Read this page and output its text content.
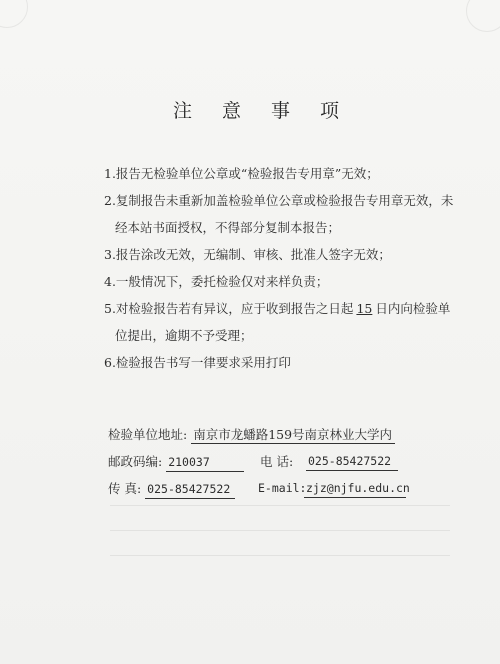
注 意 事 项
1.报告无检验单位公章或“检验报告专用章”无效；
2.复制报告未重新加盖检验单位公章或检验报告专用章无效，未
经本站书面授权，不得部分复制本报告；
3.报告涂改无效，无编制、审核、批准人签字无效；
4.一般情况下，委托检验仅对来样负责；
5.对检验报告若有异议，应于收到报告之日起 15 日内向检验单
位提出，逾期不予受理；
6.检验报告书写一律要求采用打印
检验单位地址: 南京市龙蟠路159号南京林业大学内
邮政码编: 210037	电 话: 025-85427522
传 真: 025-85427522 E-mail: zjz@njfu.edu.cn
